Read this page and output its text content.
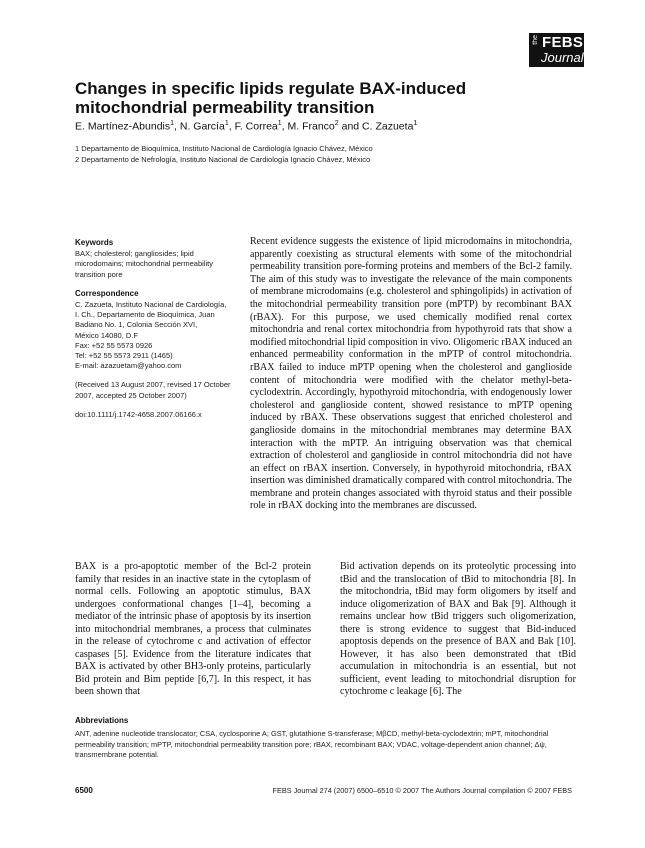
the FEBS
Journal
Changes in specific lipids regulate BAX-induced mitochondrial permeability transition
E. Martínez-Abundis$^1$, N. García$^1$, F. Correa$^1$, M. Franco$^2$ and C. Zazueta$^1$
1 Departamento de Bioquímica, Instituto Nacional de Cardiología Ignacio Chávez, México
2 Departamento de Nefrología, Instituto Nacional de Cardiología Ignacio Chávez, México
Keywords

BAX; cholesterol; gangliosides; lipid microdomains; mitochondrial permeability transition pore

Correspondence

C. Zazueta, Instituto Nacional de Cardiología,

I. Ch., Departamento de Bioquímica, Juan

Badiano No. 1, Colonia Sección XVI,

México 14080, D.F

Fax: +52 55 5573 0926

Tel: +52 55 5573 2911 (1465)

E-mail: azazuetam@yahoo.com

(Received 13 August 2007, revised 17 October 2007, accepted 25 October 2007)

doi:10.1111/j.1742-4658.2007.06166.x

Recent evidence suggests the existence of lipid microdomains in mitochondria, apparently coexisting as structural elements with some of the mitochondrial permeability transition pore-forming proteins and members of the Bcl-2 family. The aim of this study was to investigate the relevance of the main components of membrane microdomains (e.g. cholesterol and sphingolipids) in activation of the mitochondrial permeability transition pore (mPTP) by recombinant BAX (rBAX). For this purpose, we used chemically modified renal cortex mitochondria and renal cortex mitochondria from hypothyroid rats that show a modified mitochondrial lipid composition in vivo. Oligomeric rBAX induced an enhanced permeability conformation in the mPTP of control mitochondria. rBAX failed to induce mPTP opening when the cholesterol and ganglioside content of mitochondria were modified with the chelator methyl-beta-cyclodextrin. Accordingly, hypothyroid mitochondria, with endogenously lower cholesterol and ganglioside content, showed resistance to mPTP opening induced by rBAX. These observations suggest that enriched cholesterol and ganglioside domains in the mitochondrial membranes may determine BAX interaction with the mPTP. An intriguing observation was that chemical extraction of cholesterol and ganglioside in control mitochondria did not have an effect on rBAX insertion. Conversely, in hypothyroid mitochondria, rBAX insertion was diminished dramatically compared with control mitochondria. The membrane and protein changes associated with thyroid status and their possible role in rBAX docking into the membranes are discussed.

BAX is a pro-apoptotic member of the Bcl-2 protein family that resides in an inactive state in the cytoplasm of normal cells. Following an apoptotic stimulus, BAX undergoes conformational changes [1–4], becoming a mediator of the intrinsic phase of apoptosis by its insertion into mitochondrial membranes, a process that culminates in the release of cytochrome c and activation of effector caspases [5]. Evidence from the literature indicates that BAX is activated by other BH3-only proteins, particularly Bid protein and Bim peptide [6,7]. In this respect, it has been shown that

Bid activation depends on its proteolytic processing into tBid and the translocation of tBid to mitochondria [8]. In the mitochondria, tBid may form oligomers by itself and induce oligomerization of BAX and Bak [9]. Although it remains unclear how tBid triggers such oligomerization, there is strong evidence to suggest that Bid-induced apoptosis depends on the presence of BAX and Bak [10]. However, it has also been demonstrated that tBid accumulation in mitochondria is an essential, but not sufficient, event leading to mitochondrial disruption for cytochrome c leakage [6]. The

Abbreviations

ANT, adenine nucleotide translocator; CSA, cyclosporine A; GST, glutathione S-transferase; MβCD, methyl-beta-cyclodextrin; mPT, mitochondrial permeability transition; mPTP, mitochondrial permeability transition pore; rBAX, recombinant BAX; VDAC, voltage-dependent anion channel; Δψ, transmembrane potential.

6500	FEBS Journal 274 (2007) 6500–6510 © 2007 The Authors Journal compilation © 2007 FEBS
